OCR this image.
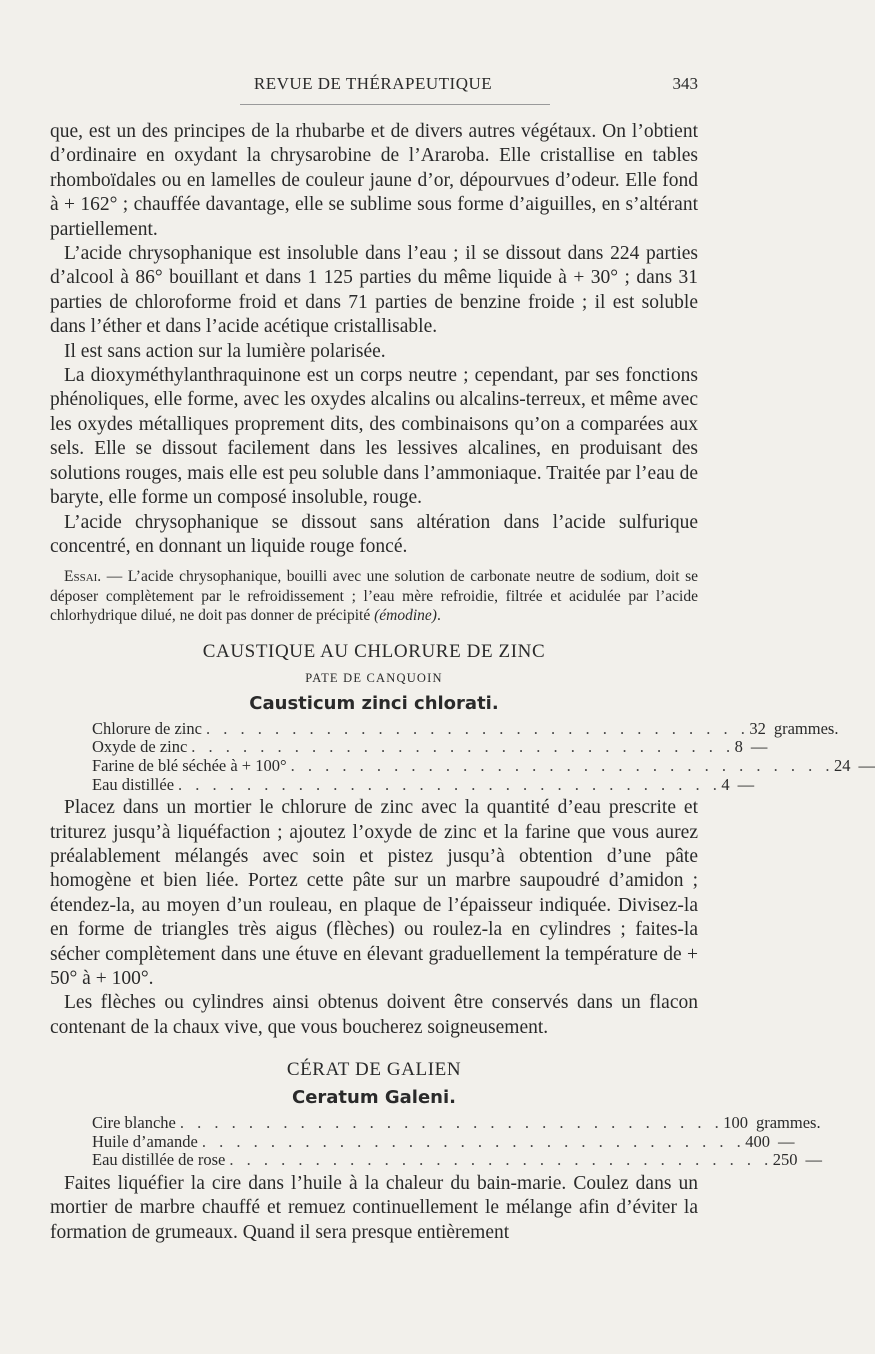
REVUE DE THÉRAPEUTIQUE	343

que, est un des principes de la rhubarbe et de divers autres végétaux. On l’obtient d’ordinaire en oxydant la chrysarobine de l’Araroba. Elle cristallise en tables rhomboïdales ou en lamelles de couleur jaune d’or, dépourvues d’odeur. Elle fond à + 162° ; chauffée davantage, elle se sublime sous forme d’aiguilles, en s’altérant partiellement.

L’acide chrysophanique est insoluble dans l’eau ; il se dissout dans 224 parties d’alcool à 86° bouillant et dans 1 125 parties du même liquide à + 30° ; dans 31 parties de chloroforme froid et dans 71 parties de benzine froide ; il est soluble dans l’éther et dans l’acide acétique cristallisable.

Il est sans action sur la lumière polarisée.

La dioxyméthylanthraquinone est un corps neutre ; cependant, par ses fonctions phénoliques, elle forme, avec les oxydes alcalins ou alcalins-terreux, et même avec les oxydes métalliques proprement dits, des combinaisons qu’on a comparées aux sels. Elle se dissout facilement dans les lessives alcalines, en produisant des solutions rouges, mais elle est peu soluble dans l’ammoniaque. Traitée par l’eau de baryte, elle forme un composé insoluble, rouge.

L’acide chrysophanique se dissout sans altération dans l’acide sulfurique concentré, en donnant un liquide rouge foncé.

Essai. — L’acide chrysophanique, bouilli avec une solution de carbonate neutre de sodium, doit se déposer complètement par le refroidissement ; l’eau mère refroidie, filtrée et acidulée par l’acide chlorhydrique dilué, ne doit pas donner de précipité (émodine).

CAUSTIQUE AU CHLORURE DE ZINC
PATE DE CANQUOIN
Causticum zinci chlorati.
Chlorure de zinc . . . . . . . . . . . . . . . . . . . . . . . . . . . . . . . . 32 grammes.
Oxyde de zinc . . . . . . . . . . . . . . . . . . . . . . . . . . . . . . . . 8 —
Farine de blé séchée à + 100° . . . . . . . . . . . . . . . . . . . . . . . . . . . . . . . . 24 —
Eau distillée . . . . . . . . . . . . . . . . . . . . . . . . . . . . . . . . 4 —

Placez dans un mortier le chlorure de zinc avec la quantité d’eau prescrite et triturez jusqu’à liquéfaction ; ajoutez l’oxyde de zinc et la farine que vous aurez préalablement mélangés avec soin et pistez jusqu’à obtention d’une pâte homogène et bien liée. Portez cette pâte sur un marbre saupoudré d’amidon ; étendez-la, au moyen d’un rouleau, en plaque de l’épaisseur indiquée. Divisez-la en forme de triangles très aigus (flèches) ou roulez-la en cylindres ; faites-la sécher complètement dans une étuve en élevant graduellement la température de + 50° à + 100°.

Les flèches ou cylindres ainsi obtenus doivent être conservés dans un flacon contenant de la chaux vive, que vous boucherez soigneusement.

CÉRAT DE GALIEN
Ceratum Galeni.
Cire blanche . . . . . . . . . . . . . . . . . . . . . . . . . . . . . . . . 100 grammes.
Huile d’amande . . . . . . . . . . . . . . . . . . . . . . . . . . . . . . . . 400 —
Eau distillée de rose . . . . . . . . . . . . . . . . . . . . . . . . . . . . . . . . 250 —

Faites liquéfier la cire dans l’huile à la chaleur du bain-marie. Coulez dans un mortier de marbre chauffé et remuez continuellement le mélange afin d’éviter la formation de grumeaux. Quand il sera presque entièrement
